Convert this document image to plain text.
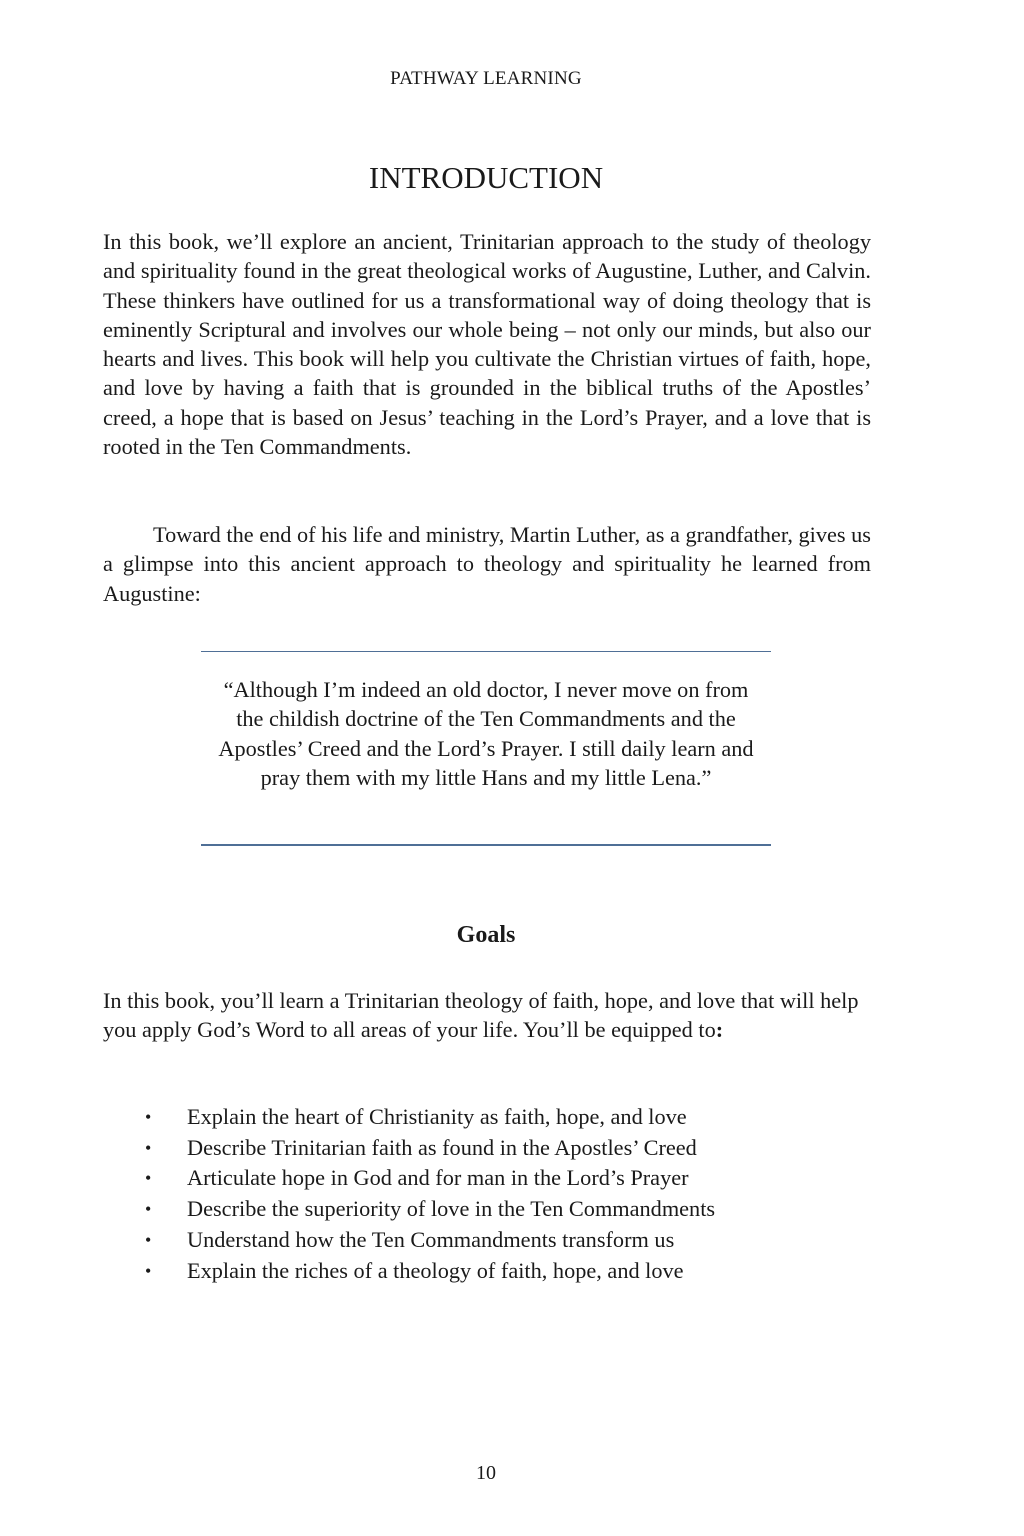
PATHWAY LEARNING
INTRODUCTION

In this book, we’ll explore an ancient, Trinitarian approach to the study of theology and spirituality found in the great theological works of Augustine, Luther, and Calvin. These thinkers have outlined for us a transformational way of doing theology that is eminently Scriptural and involves our whole being – not only our minds, but also our hearts and lives. This book will help you cultivate the Christian virtues of faith, hope, and love by having a faith that is grounded in the biblical truths of the Apostles’ creed, a hope that is based on Jesus’ teaching in the Lord’s Prayer, and a love that is rooted in the Ten Commandments.

Toward the end of his life and ministry, Martin Luther, as a grandfather, gives us a glimpse into this ancient approach to theology and spirituality he learned from Augustine:

“Although I’m indeed an old doctor, I never move on from the childish doctrine of the Ten Commandments and the Apostles’ Creed and the Lord’s Prayer. I still daily learn and pray them with my little Hans and my little Lena.”

Goals

In this book, you’ll learn a Trinitarian theology of faith, hope, and love that will help you apply God’s Word to all areas of your life. You’ll be equipped to:

• Explain the heart of Christianity as faith, hope, and love
• Describe Trinitarian faith as found in the Apostles’ Creed
• Articulate hope in God and for man in the Lord’s Prayer
• Describe the superiority of love in the Ten Commandments
• Understand how the Ten Commandments transform us
• Explain the riches of a theology of faith, hope, and love
10
